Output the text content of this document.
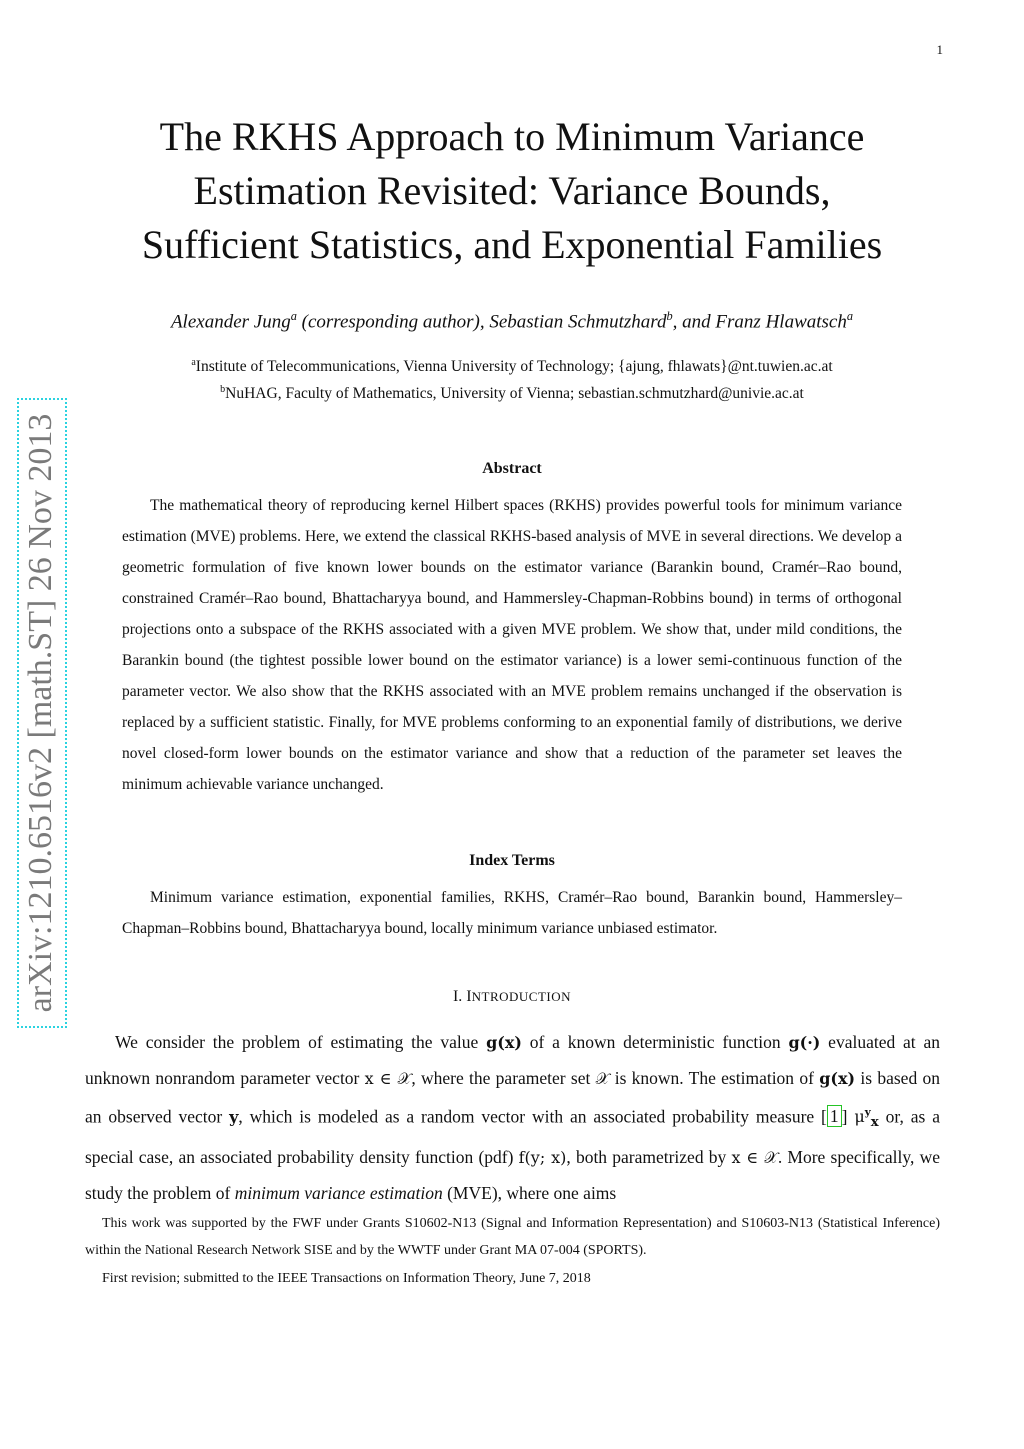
1
arXiv:1210.6516v2 [math.ST] 26 Nov 2013
The RKHS Approach to Minimum Variance
Estimation Revisited: Variance Bounds,
Sufficient Statistics, and Exponential Families
Alexander Jung$^a$ (corresponding author), Sebastian Schmutzhard$^b$, and Franz Hlawatsch$^a$
$^a$Institute of Telecommunications, Vienna University of Technology; {ajung, fhlawats}@nt.tuwien.ac.at
$^b$NuHAG, Faculty of Mathematics, University of Vienna; sebastian.schmutzhard@univie.ac.at
Abstract
The mathematical theory of reproducing kernel Hilbert spaces (RKHS) provides powerful tools for minimum variance estimation (MVE) problems. Here, we extend the classical RKHS-based analysis of MVE in several directions. We develop a geometric formulation of five known lower bounds on the estimator variance (Barankin bound, Cramér–Rao bound, constrained Cramér–Rao bound, Bhattacharyya bound, and Hammersley-Chapman-Robbins bound) in terms of orthogonal projections onto a subspace of the RKHS associated with a given MVE problem. We show that, under mild conditions, the Barankin bound (the tightest possible lower bound on the estimator variance) is a lower semi-continuous function of the parameter vector. We also show that the RKHS associated with an MVE problem remains unchanged if the observation is replaced by a sufficient statistic. Finally, for MVE problems conforming to an exponential family of distributions, we derive novel closed-form lower bounds on the estimator variance and show that a reduction of the parameter set leaves the minimum achievable variance unchanged.
Index Terms
Minimum variance estimation, exponential families, RKHS, Cramér–Rao bound, Barankin bound, Hammersley–Chapman–Robbins bound, Bhattacharyya bound, locally minimum variance unbiased estimator.
I. INTRODUCTION
We consider the problem of estimating the value g(x) of a known deterministic function g(·) evaluated at an unknown nonrandom parameter vector x ∈ 𝒳, where the parameter set 𝒳 is known. The estimation of g(x) is based on an observed vector y, which is modeled as a random vector with an associated probability measure [ 1 ] $\mu^y_x$ or, as a special case, an associated probability density function (pdf) f(y; x), both parametrized by x ∈ 𝒳. More specifically, we study the problem of minimum variance estimation (MVE), where one aims
This work was supported by the FWF under Grants S10602-N13 (Signal and Information Representation) and S10603-N13 (Statistical Inference) within the National Research Network SISE and by the WWTF under Grant MA 07-004 (SPORTS).
First revision; submitted to the IEEE Transactions on Information Theory, June 7, 2018
